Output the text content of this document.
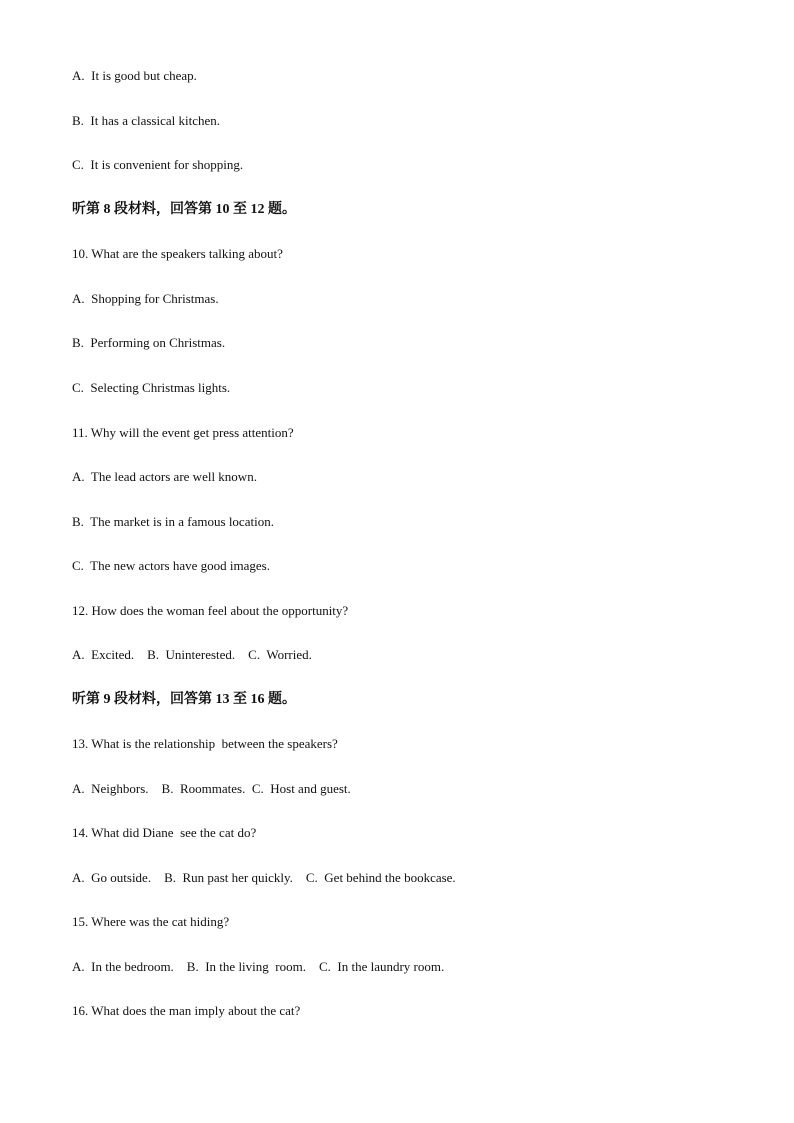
A.  It is good but cheap.
B.  It has a classical kitchen.
C.  It is convenient for shopping.
听第 8 段材料，回答第 10 至 12 题。
10. What are the speakers talking about?
A.  Shopping for Christmas.
B.  Performing on Christmas.
C.  Selecting Christmas lights.
11. Why will the event get press attention?
A.  The lead actors are well known.
B.  The market is in a famous location.
C.  The new actors have good images.
12. How does the woman feel about the opportunity?
A.  Excited.    B.  Uninterested.    C.  Worried.
听第 9 段材料，回答第 13 至 16 题。
13. What is the relationship  between the speakers?
A.  Neighbors.    B.  Roommates.  C.  Host and guest.
14. What did Diane  see the cat do?
A.  Go outside.    B.  Run past her quickly.    C.  Get behind the bookcase.
15. Where was the cat hiding?
A.  In the bedroom.    B.  In the living  room.    C.  In the laundry room.
16. What does the man imply about the cat?
